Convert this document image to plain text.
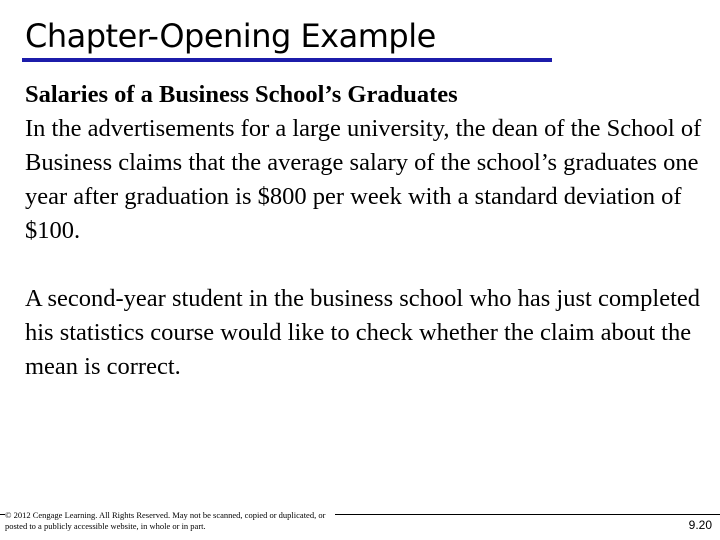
Chapter-Opening Example

Salaries of a Business School’s Graduates

In the advertisements for a large university, the dean of the School of Business claims that the average salary of the school’s graduates one year after graduation is $800 per week with a standard deviation of $100.

A second-year student in the business school who has just completed his statistics course would like to check whether the claim about the mean is correct.

© 2012 Cengage Learning. All Rights Reserved. May not be scanned, copied or duplicated, or posted to a publicly accessible website, in whole or in part.	9.20
